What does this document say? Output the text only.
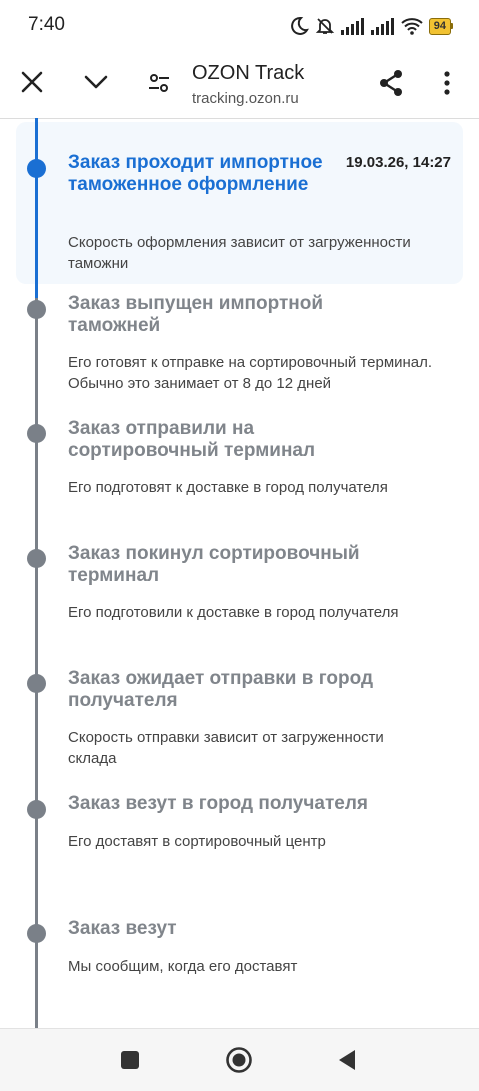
7:40	94
OZON Track
tracking.ozon.ru
Заказ проходит импортное таможенное оформление
19.03.26, 14:27
Скорость оформления зависит от загруженности таможни
Заказ выпущен импортной таможней
Его готовят к отправке на сортировочный терминал. Обычно это занимает от 8 до 12 дней
Заказ отправили на сортировочный терминал
Его подготовят к доставке в город получателя
Заказ покинул сортировочный терминал
Его подготовили к доставке в город получателя
Заказ ожидает отправки в город получателя
Скорость отправки зависит от загруженности склада
Заказ везут в город получателя
Его доставят в сортировочный центр
Заказ везут
Мы сообщим, когда его доставят
